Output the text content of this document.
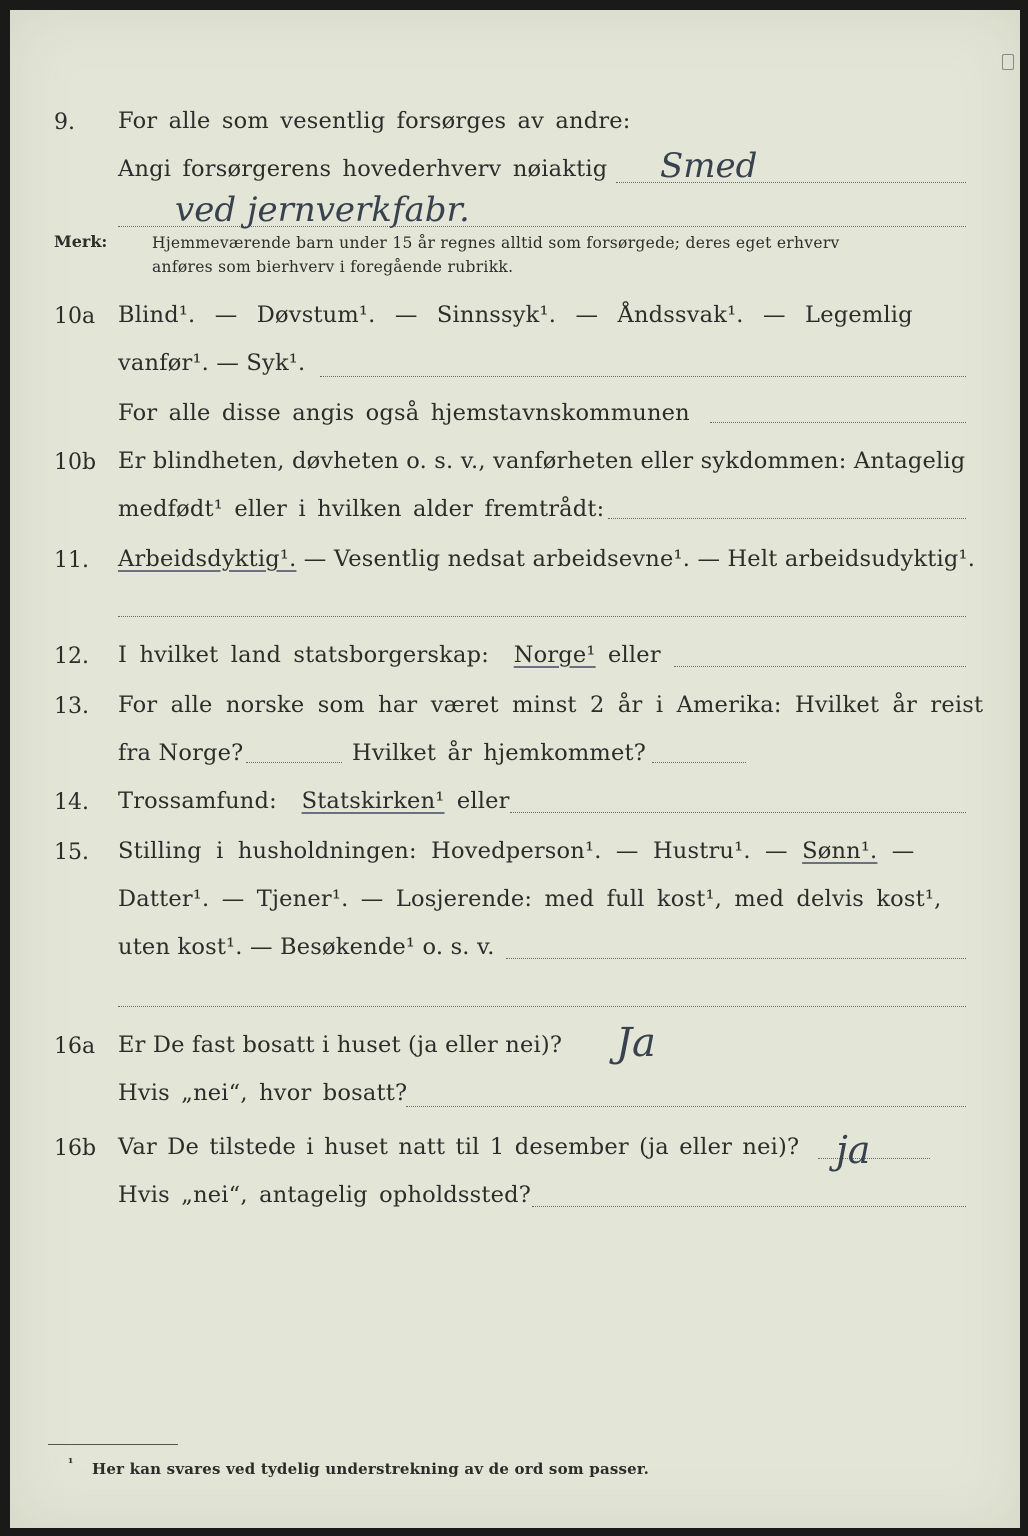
9. For alle som vesentlig forsørges av andre:
Angi forsørgerens hovederhverv nøiaktig Smed
ved jernverkfabr.
Merk:	Hjemmeværende barn under 15 år regnes alltid som forsørgede; deres eget erhverv
anføres som bierhverv i foregående rubrikk.
10a Blind¹. — Døvstum¹. — Sinnssyk¹. — Åndssvak¹. — Legemlig
vanfør¹. — Syk¹.
For alle disse angis også hjemstavnskommunen
10b Er blindheten, døvheten o. s. v., vanførheten eller sykdommen: Antagelig
medfødt¹ eller i hvilken alder fremtrådt:
11. Arbeidsdyktig¹. — Vesentlig nedsat arbeidsevne¹. — Helt arbeidsudyktig¹.
12. I hvilket land statsborgerskap: Norge¹ eller
13. For alle norske som har været minst 2 år i Amerika: Hvilket år reist
fra Norge?	Hvilket år hjemkommet?
14. Trossamfund: Statskirken¹ eller
15. Stilling i husholdningen: Hovedperson¹. — Hustru¹. — Sønn¹. —
Datter¹. — Tjener¹. — Losjerende: med full kost¹, med delvis kost¹,
uten kost¹. — Besøkende¹ o. s. v.
16a Er De fast bosatt i huset (ja eller nei)? Ja
Hvis „nei“, hvor bosatt?
16b Var De tilstede i huset natt til 1 desember (ja eller nei)? ja
Hvis „nei“, antagelig opholdssted?
¹ Her kan svares ved tydelig understrekning av de ord som passer.
